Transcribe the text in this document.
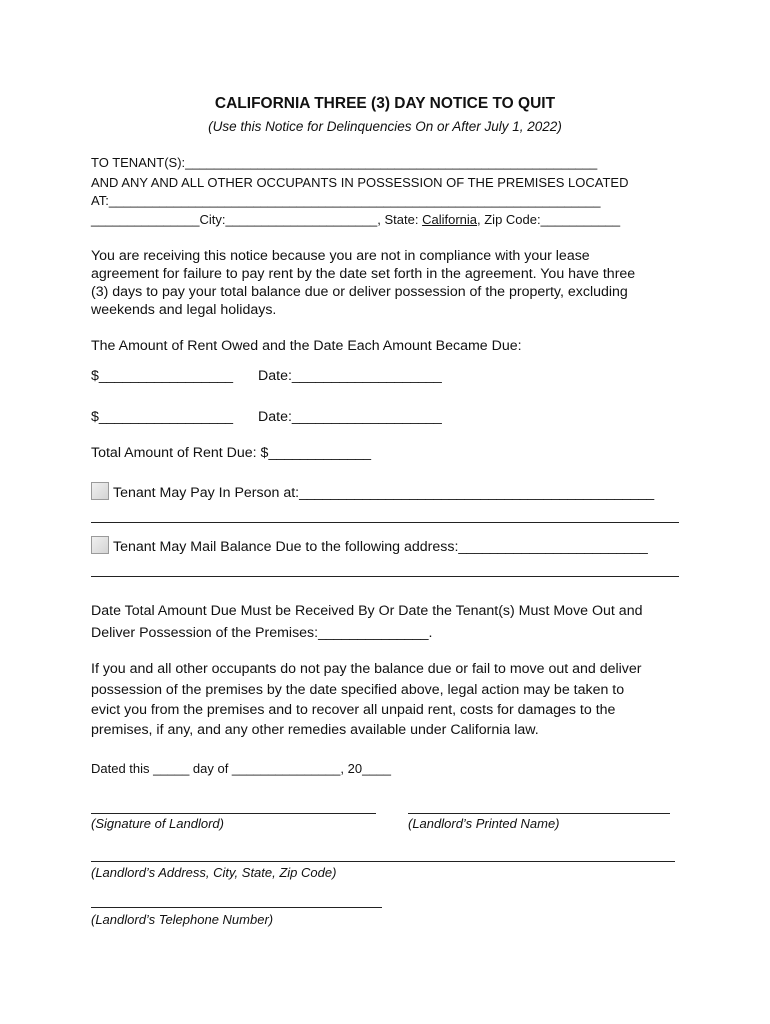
CALIFORNIA THREE (3) DAY NOTICE TO QUIT
(Use this Notice for Delinquencies On or After July 1, 2022)
TO TENANT(S):_________________________________________________________
AND ANY AND ALL OTHER OCCUPANTS IN POSSESSION OF THE PREMISES LOCATED
AT:____________________________________________________________________
_______________City:_____________________, State: California, Zip Code:___________
You are receiving this notice because you are not in compliance with your lease
agreement for failure to pay rent by the date set forth in the agreement. You have three
(3) days to pay your total balance due or deliver possession of the property, excluding
weekends and legal holidays.
The Amount of Rent Owed and the Date Each Amount Became Due:
$_________________ Date:___________________
$_________________ Date:___________________
Total Amount of Rent Due: $_____________
Tenant May Pay In Person at:_____________________________________________
Tenant May Mail Balance Due to the following address:________________________
Date Total Amount Due Must be Received By Or Date the Tenant(s) Must Move Out and
Deliver Possession of the Premises:______________.
If you and all other occupants do not pay the balance due or fail to move out and deliver
possession of the premises by the date specified above, legal action may be taken to
evict you from the premises and to recover all unpaid rent, costs for damages to the
premises, if any, and any other remedies available under California law.
Dated this _____ day of _______________, 20____
(Signature of Landlord)	(Landlord’s Printed Name)
(Landlord’s Address, City, State, Zip Code)
(Landlord’s Telephone Number)
